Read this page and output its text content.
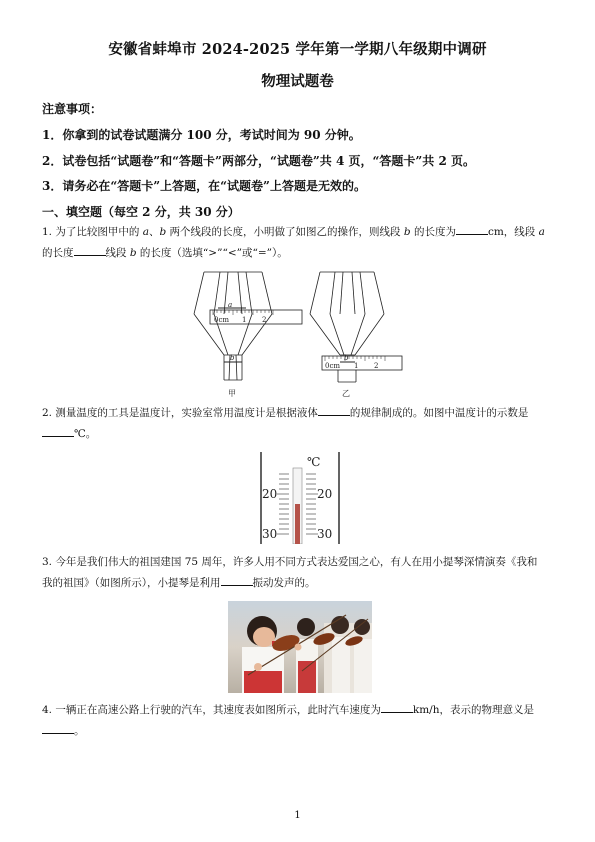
安徽省蚌埠市 2024-2025 学年第一学期八年级期中调研
物理试题卷
注意事项：
1．你拿到的试卷试题满分 100 分，考试时间为 90 分钟。
2．试卷包括“试题卷”和“答题卡”两部分，“试题卷”共 4 页，“答题卡”共 2 页。
3．请务必在“答题卡”上答题，在“试题卷”上答题是无效的。
一、填空题（每空 2 分，共 30 分）
1. 为了比较图甲中的 a、b 两个线段的长度，小明做了如图乙的操作，则线段 b 的长度为	cm，线段 a
的长度	线段 b 的长度（选填“>”“<”或“=”）。
a
b	b
0cm 1 2
0cm 1 2
甲	乙
2. 测量温度的工具是温度计，实验室常用温度计是根据液体	的规律制成的。如图中温度计的示数是
℃。
℃
20	20
30	30
3. 今年是我们伟大的祖国建国 75 周年，许多人用不同方式表达爱国之心，有人在用小提琴深情演奏《我和
我的祖国》（如图所示），小提琴是利用	振动发声的。
4. 一辆正在高速公路上行驶的汽车，其速度表如图所示，此时汽车速度为	km/h，表示的物理意义是
。
1
